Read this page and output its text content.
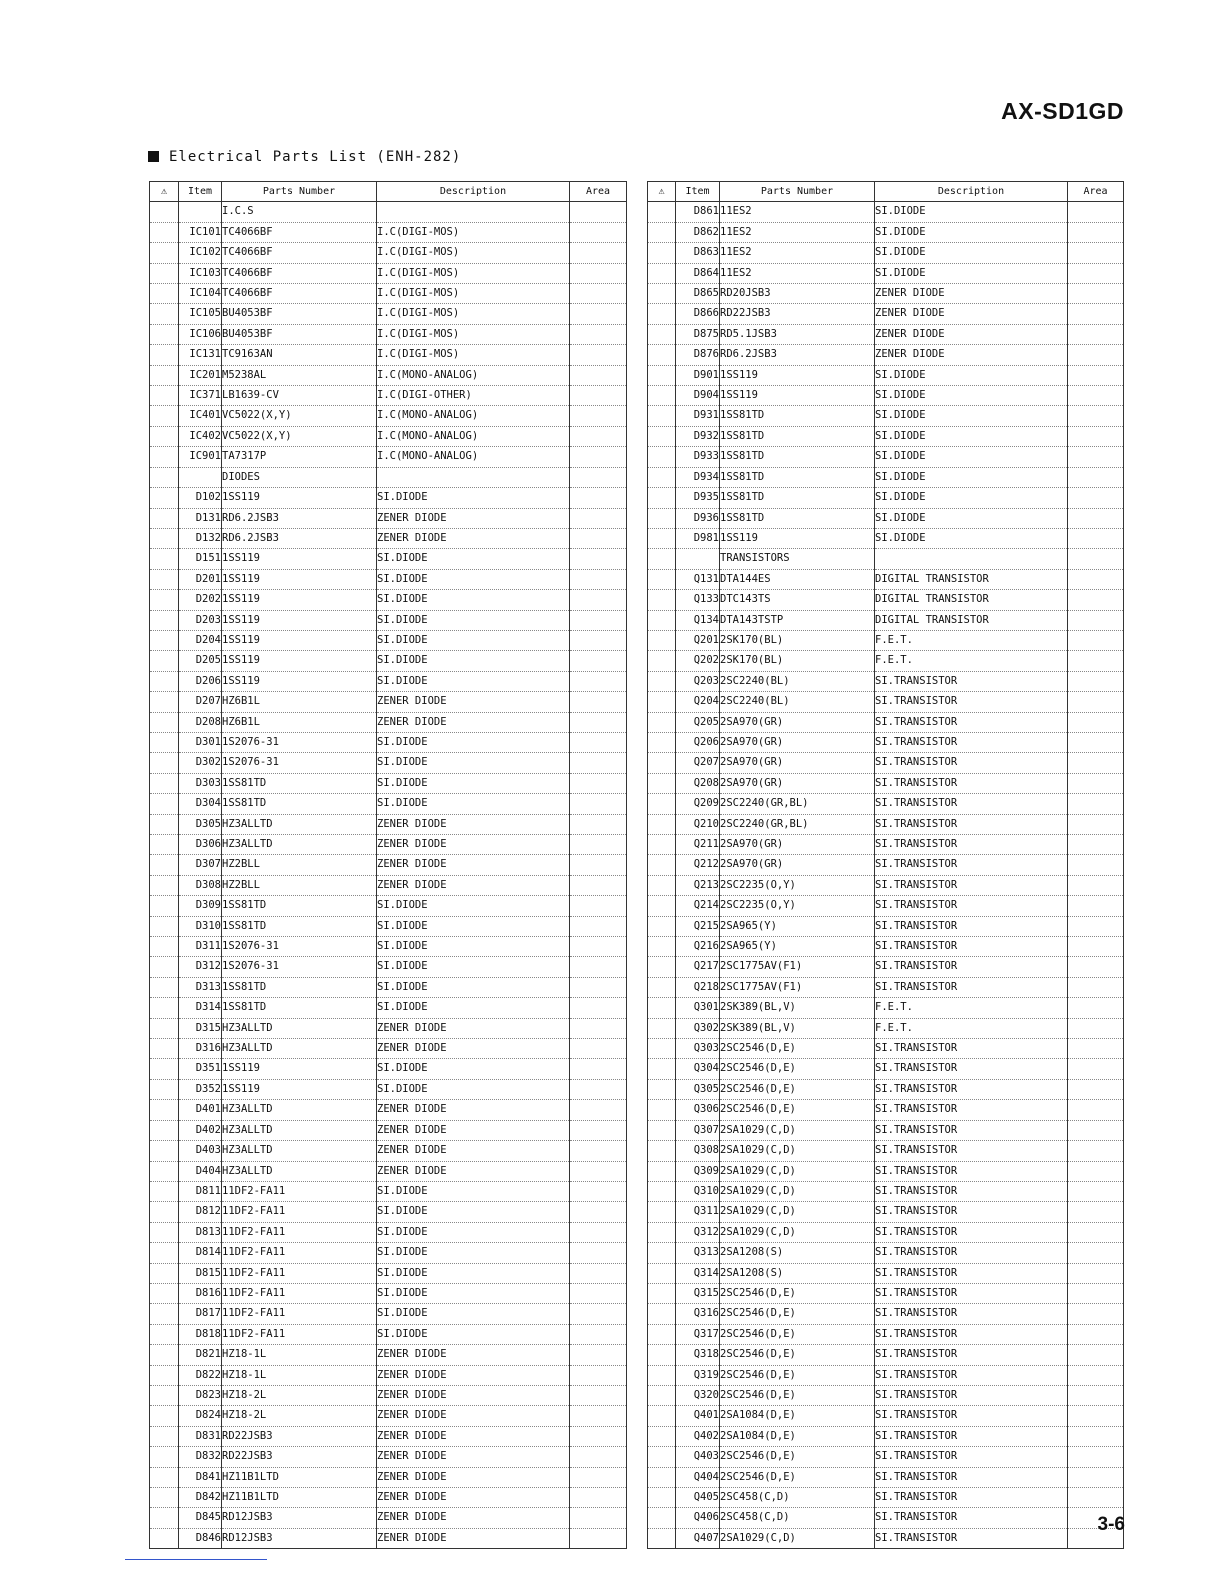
AX-SD1GD
Electrical Parts List (ENH-282)
⚠	Item	Parts Number	Description	Area
		I.C.S		
	IC101	TC4066BF	I.C(DIGI-MOS)	
	IC102	TC4066BF	I.C(DIGI-MOS)	
	IC103	TC4066BF	I.C(DIGI-MOS)	
	IC104	TC4066BF	I.C(DIGI-MOS)	
	IC105	BU4053BF	I.C(DIGI-MOS)	
	IC106	BU4053BF	I.C(DIGI-MOS)	
	IC131	TC9163AN	I.C(DIGI-MOS)	
	IC201	M5238AL	I.C(MONO-ANALOG)	
	IC371	LB1639-CV	I.C(DIGI-OTHER)	
	IC401	VC5022(X,Y)	I.C(MONO-ANALOG)	
	IC402	VC5022(X,Y)	I.C(MONO-ANALOG)	
	IC901	TA7317P	I.C(MONO-ANALOG)	
		DIODES		
	D102	1SS119	SI.DIODE	
	D131	RD6.2JSB3	ZENER DIODE	
	D132	RD6.2JSB3	ZENER DIODE	
	D151	1SS119	SI.DIODE	
	D201	1SS119	SI.DIODE	
	D202	1SS119	SI.DIODE	
	D203	1SS119	SI.DIODE	
	D204	1SS119	SI.DIODE	
	D205	1SS119	SI.DIODE	
	D206	1SS119	SI.DIODE	
	D207	HZ6B1L	ZENER DIODE	
	D208	HZ6B1L	ZENER DIODE	
	D301	1S2076-31	SI.DIODE	
	D302	1S2076-31	SI.DIODE	
	D303	1SS81TD	SI.DIODE	
	D304	1SS81TD	SI.DIODE	
	D305	HZ3ALLTD	ZENER DIODE	
	D306	HZ3ALLTD	ZENER DIODE	
	D307	HZ2BLL	ZENER DIODE	
	D308	HZ2BLL	ZENER DIODE	
	D309	1SS81TD	SI.DIODE	
	D310	1SS81TD	SI.DIODE	
	D311	1S2076-31	SI.DIODE	
	D312	1S2076-31	SI.DIODE	
	D313	1SS81TD	SI.DIODE	
	D314	1SS81TD	SI.DIODE	
	D315	HZ3ALLTD	ZENER DIODE	
	D316	HZ3ALLTD	ZENER DIODE	
	D351	1SS119	SI.DIODE	
	D352	1SS119	SI.DIODE	
	D401	HZ3ALLTD	ZENER DIODE	
	D402	HZ3ALLTD	ZENER DIODE	
	D403	HZ3ALLTD	ZENER DIODE	
	D404	HZ3ALLTD	ZENER DIODE	
	D811	11DF2-FA11	SI.DIODE	
	D812	11DF2-FA11	SI.DIODE	
	D813	11DF2-FA11	SI.DIODE	
	D814	11DF2-FA11	SI.DIODE	
	D815	11DF2-FA11	SI.DIODE	
	D816	11DF2-FA11	SI.DIODE	
	D817	11DF2-FA11	SI.DIODE	
	D818	11DF2-FA11	SI.DIODE	
	D821	HZ18-1L	ZENER DIODE	
	D822	HZ18-1L	ZENER DIODE	
	D823	HZ18-2L	ZENER DIODE	
	D824	HZ18-2L	ZENER DIODE	
	D831	RD22JSB3	ZENER DIODE	
	D832	RD22JSB3	ZENER DIODE	
	D841	HZ11B1LTD	ZENER DIODE	
	D842	HZ11B1LTD	ZENER DIODE	
	D845	RD12JSB3	ZENER DIODE	
	D846	RD12JSB3	ZENER DIODE	
⚠	Item	Parts Number	Description	Area
	D861	11ES2	SI.DIODE	
	D862	11ES2	SI.DIODE	
	D863	11ES2	SI.DIODE	
	D864	11ES2	SI.DIODE	
	D865	RD20JSB3	ZENER DIODE	
	D866	RD22JSB3	ZENER DIODE	
	D875	RD5.1JSB3	ZENER DIODE	
	D876	RD6.2JSB3	ZENER DIODE	
	D901	1SS119	SI.DIODE	
	D904	1SS119	SI.DIODE	
	D931	1SS81TD	SI.DIODE	
	D932	1SS81TD	SI.DIODE	
	D933	1SS81TD	SI.DIODE	
	D934	1SS81TD	SI.DIODE	
	D935	1SS81TD	SI.DIODE	
	D936	1SS81TD	SI.DIODE	
	D981	1SS119	SI.DIODE	
		TRANSISTORS		
	Q131	DTA144ES	DIGITAL TRANSISTOR	
	Q133	DTC143TS	DIGITAL TRANSISTOR	
	Q134	DTA143TSTP	DIGITAL TRANSISTOR	
	Q201	2SK170(BL)	F.E.T.	
	Q202	2SK170(BL)	F.E.T.	
	Q203	2SC2240(BL)	SI.TRANSISTOR	
	Q204	2SC2240(BL)	SI.TRANSISTOR	
	Q205	2SA970(GR)	SI.TRANSISTOR	
	Q206	2SA970(GR)	SI.TRANSISTOR	
	Q207	2SA970(GR)	SI.TRANSISTOR	
	Q208	2SA970(GR)	SI.TRANSISTOR	
	Q209	2SC2240(GR,BL)	SI.TRANSISTOR	
	Q210	2SC2240(GR,BL)	SI.TRANSISTOR	
	Q211	2SA970(GR)	SI.TRANSISTOR	
	Q212	2SA970(GR)	SI.TRANSISTOR	
	Q213	2SC2235(O,Y)	SI.TRANSISTOR	
	Q214	2SC2235(O,Y)	SI.TRANSISTOR	
	Q215	2SA965(Y)	SI.TRANSISTOR	
	Q216	2SA965(Y)	SI.TRANSISTOR	
	Q217	2SC1775AV(F1)	SI.TRANSISTOR	
	Q218	2SC1775AV(F1)	SI.TRANSISTOR	
	Q301	2SK389(BL,V)	F.E.T.	
	Q302	2SK389(BL,V)	F.E.T.	
	Q303	2SC2546(D,E)	SI.TRANSISTOR	
	Q304	2SC2546(D,E)	SI.TRANSISTOR	
	Q305	2SC2546(D,E)	SI.TRANSISTOR	
	Q306	2SC2546(D,E)	SI.TRANSISTOR	
	Q307	2SA1029(C,D)	SI.TRANSISTOR	
	Q308	2SA1029(C,D)	SI.TRANSISTOR	
	Q309	2SA1029(C,D)	SI.TRANSISTOR	
	Q310	2SA1029(C,D)	SI.TRANSISTOR	
	Q311	2SA1029(C,D)	SI.TRANSISTOR	
	Q312	2SA1029(C,D)	SI.TRANSISTOR	
	Q313	2SA1208(S)	SI.TRANSISTOR	
	Q314	2SA1208(S)	SI.TRANSISTOR	
	Q315	2SC2546(D,E)	SI.TRANSISTOR	
	Q316	2SC2546(D,E)	SI.TRANSISTOR	
	Q317	2SC2546(D,E)	SI.TRANSISTOR	
	Q318	2SC2546(D,E)	SI.TRANSISTOR	
	Q319	2SC2546(D,E)	SI.TRANSISTOR	
	Q320	2SC2546(D,E)	SI.TRANSISTOR	
	Q401	2SA1084(D,E)	SI.TRANSISTOR	
	Q402	2SA1084(D,E)	SI.TRANSISTOR	
	Q403	2SC2546(D,E)	SI.TRANSISTOR	
	Q404	2SC2546(D,E)	SI.TRANSISTOR	
	Q405	2SC458(C,D)	SI.TRANSISTOR	
	Q406	2SC458(C,D)	SI.TRANSISTOR	
	Q407	2SA1029(C,D)	SI.TRANSISTOR	
3-6
